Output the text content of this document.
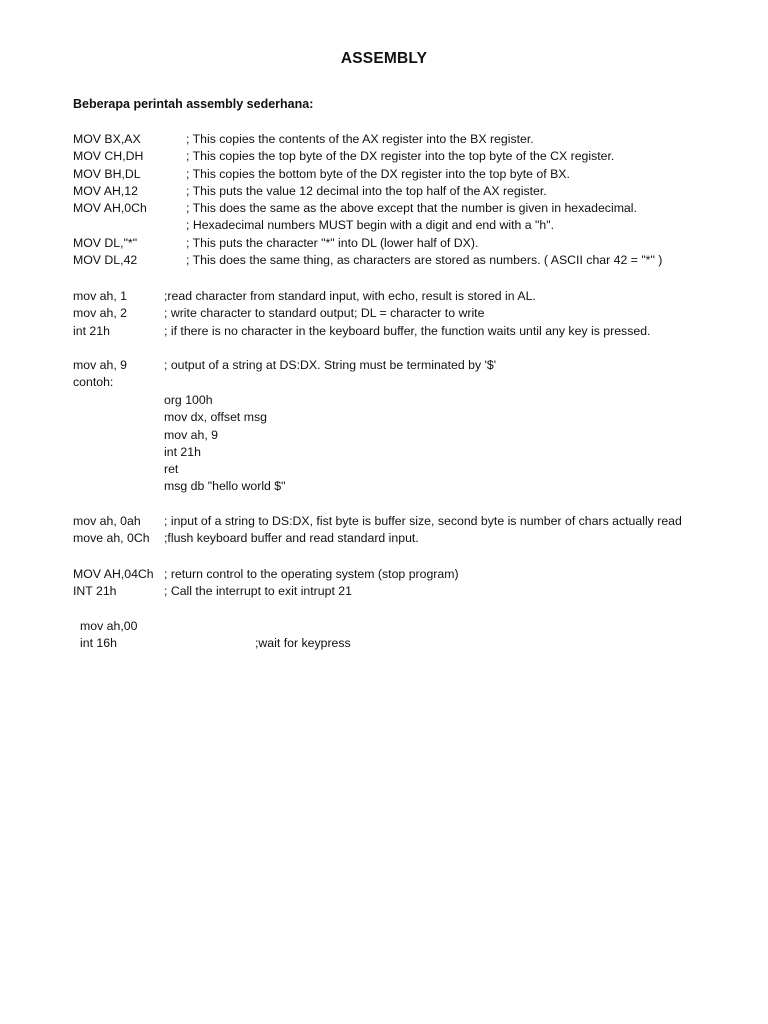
ASSEMBLY
Beberapa perintah assembly sederhana:
MOV BX,AX	; This copies the contents of the AX register into the BX register.
MOV CH,DH	; This copies the top byte of the DX register into the top byte of the CX register.
MOV BH,DL	; This copies the bottom byte of the DX register into the top byte of BX.
MOV AH,12	; This puts the value 12 decimal into the top half of the AX register.
MOV AH,0Ch	; This does the same as the above except that the number is given in hexadecimal.
; Hexadecimal numbers MUST begin with a digit and end with a "h".
MOV DL,"*"	; This puts the character "*" into DL (lower half of DX).
MOV DL,42	; This does the same thing, as characters are stored as numbers. ( ASCII char 42 = "*" )
mov ah, 1	;read character from standard input, with echo, result is stored in AL.
mov ah, 2	; write character to standard output; DL = character to write
int 21h	; if there is no character in the keyboard buffer, the function waits until any key is pressed.
mov ah, 9	; output of a string at DS:DX. String must be terminated by '$'
contoh:
org 100h
mov dx, offset msg
mov ah, 9
int 21h
ret
msg db "hello world $"
mov ah, 0ah ; input of a string to DS:DX, fist byte is buffer size, second byte is number of chars actually read
move ah, 0Ch ;flush keyboard buffer and read standard input.
MOV AH,04Ch ; return control to the operating system (stop program)
INT 21h	; Call the interrupt to exit intrupt 21
mov ah,00
int 16h	;wait for keypress
